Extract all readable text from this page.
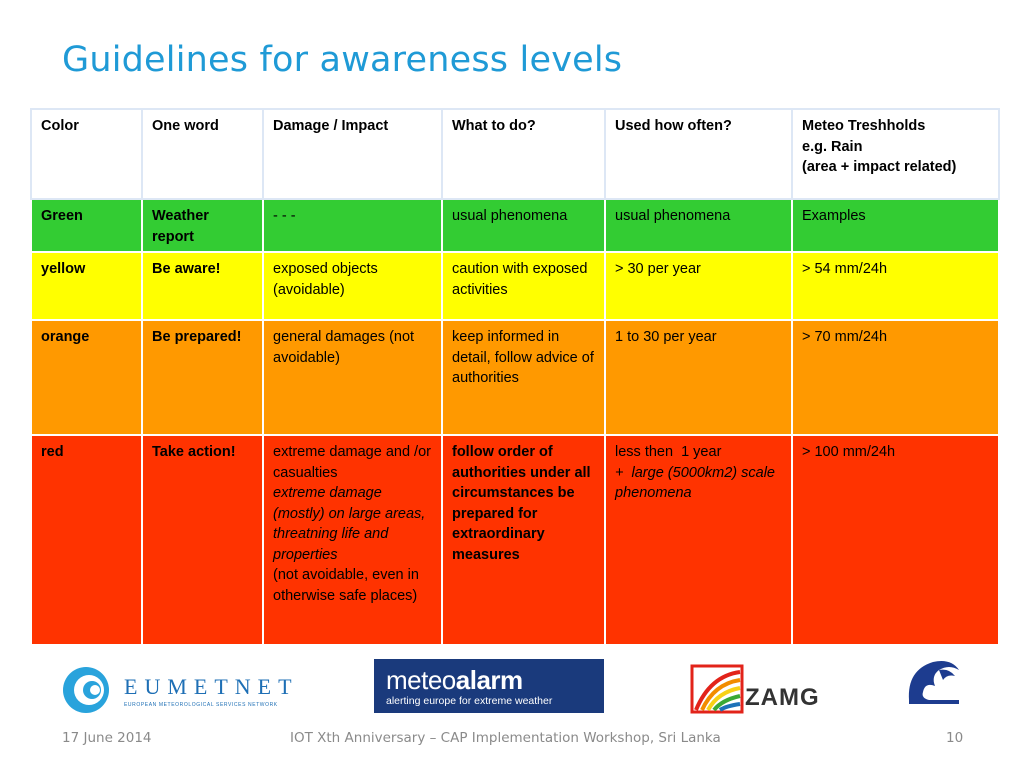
Guidelines for awareness levels
Color	One word	Damage / Impact	What to do?	Used how often?	Meteo Treshholds
e.g. Rain
(area + impact related)

Green	Weather report	- - -	usual phenomena	usual phenomena	Examples
yellow	Be aware!	exposed objects (avoidable)	caution with exposed activities	> 30 per year	> 54 mm/24h
orange	Be prepared!	general damages (not avoidable)	keep informed in detail, follow advice of authorities	1 to 30 per year	> 70 mm/24h
red	Take action!	extreme damage and /or casualties
extreme damage (mostly) on large areas, threatning life and properties
(not avoidable, even in otherwise safe places)	follow order of authorities under all circumstances be prepared for extraordinary measures	less then  1 year
+  large (5000km2) scale phenomena	> 100 mm/24h
EUMETNET
EUROPEAN METEOROLOGICAL SERVICES NETWORK
meteoalarm
alerting europe for extreme weather	ZAMG
17 June 2014	IOT Xth Anniversary – CAP Implementation Workshop, Sri Lanka	10
